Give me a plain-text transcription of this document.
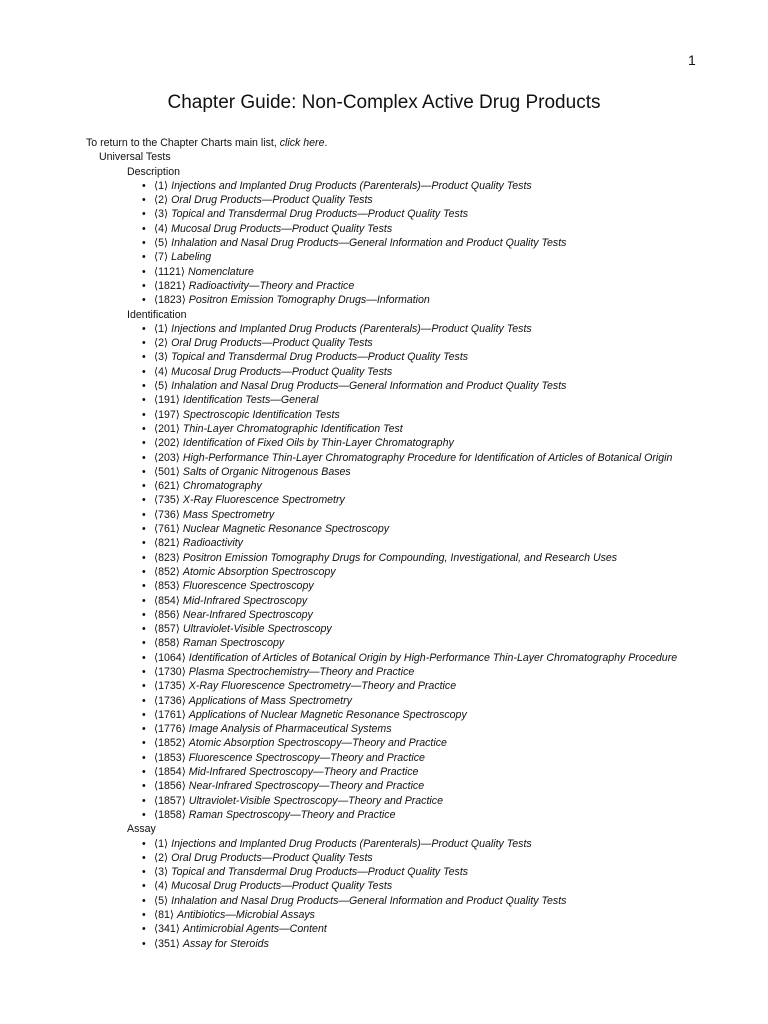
1
Chapter Guide: Non-Complex Active Drug Products
To return to the Chapter Charts main list, click here.
Universal Tests
Description
• ⟨1⟩ Injections and Implanted Drug Products (Parenterals)—Product Quality Tests
• ⟨2⟩ Oral Drug Products—Product Quality Tests
• ⟨3⟩ Topical and Transdermal Drug Products—Product Quality Tests
• ⟨4⟩ Mucosal Drug Products—Product Quality Tests
• ⟨5⟩ Inhalation and Nasal Drug Products—General Information and Product Quality Tests
• ⟨7⟩ Labeling
• ⟨1121⟩ Nomenclature
• ⟨1821⟩ Radioactivity—Theory and Practice
• ⟨1823⟩ Positron Emission Tomography Drugs—Information
Identification
• ⟨1⟩ Injections and Implanted Drug Products (Parenterals)—Product Quality Tests
• ⟨2⟩ Oral Drug Products—Product Quality Tests
• ⟨3⟩ Topical and Transdermal Drug Products—Product Quality Tests
• ⟨4⟩ Mucosal Drug Products—Product Quality Tests
• ⟨5⟩ Inhalation and Nasal Drug Products—General Information and Product Quality Tests
• ⟨191⟩ Identification Tests—General
• ⟨197⟩ Spectroscopic Identification Tests
• ⟨201⟩ Thin-Layer Chromatographic Identification Test
• ⟨202⟩ Identification of Fixed Oils by Thin-Layer Chromatography
• ⟨203⟩ High-Performance Thin-Layer Chromatography Procedure for Identification of Articles of Botanical Origin
• ⟨501⟩ Salts of Organic Nitrogenous Bases
• ⟨621⟩ Chromatography
• ⟨735⟩ X-Ray Fluorescence Spectrometry
• ⟨736⟩ Mass Spectrometry
• ⟨761⟩ Nuclear Magnetic Resonance Spectroscopy
• ⟨821⟩ Radioactivity
• ⟨823⟩ Positron Emission Tomography Drugs for Compounding, Investigational, and Research Uses
• ⟨852⟩ Atomic Absorption Spectroscopy
• ⟨853⟩ Fluorescence Spectroscopy
• ⟨854⟩ Mid-Infrared Spectroscopy
• ⟨856⟩ Near-Infrared Spectroscopy
• ⟨857⟩ Ultraviolet-Visible Spectroscopy
• ⟨858⟩ Raman Spectroscopy
• ⟨1064⟩ Identification of Articles of Botanical Origin by High-Performance Thin-Layer Chromatography Procedure
• ⟨1730⟩ Plasma Spectrochemistry—Theory and Practice
• ⟨1735⟩ X-Ray Fluorescence Spectrometry—Theory and Practice
• ⟨1736⟩ Applications of Mass Spectrometry
• ⟨1761⟩ Applications of Nuclear Magnetic Resonance Spectroscopy
• ⟨1776⟩ Image Analysis of Pharmaceutical Systems
• ⟨1852⟩ Atomic Absorption Spectroscopy—Theory and Practice
• ⟨1853⟩ Fluorescence Spectroscopy—Theory and Practice
• ⟨1854⟩ Mid-Infrared Spectroscopy—Theory and Practice
• ⟨1856⟩ Near-Infrared Spectroscopy—Theory and Practice
• ⟨1857⟩ Ultraviolet-Visible Spectroscopy—Theory and Practice
• ⟨1858⟩ Raman Spectroscopy—Theory and Practice
Assay
• ⟨1⟩ Injections and Implanted Drug Products (Parenterals)—Product Quality Tests
• ⟨2⟩ Oral Drug Products—Product Quality Tests
• ⟨3⟩ Topical and Transdermal Drug Products—Product Quality Tests
• ⟨4⟩ Mucosal Drug Products—Product Quality Tests
• ⟨5⟩ Inhalation and Nasal Drug Products—General Information and Product Quality Tests
• ⟨81⟩ Antibiotics—Microbial Assays
• ⟨341⟩ Antimicrobial Agents—Content
• ⟨351⟩ Assay for Steroids
